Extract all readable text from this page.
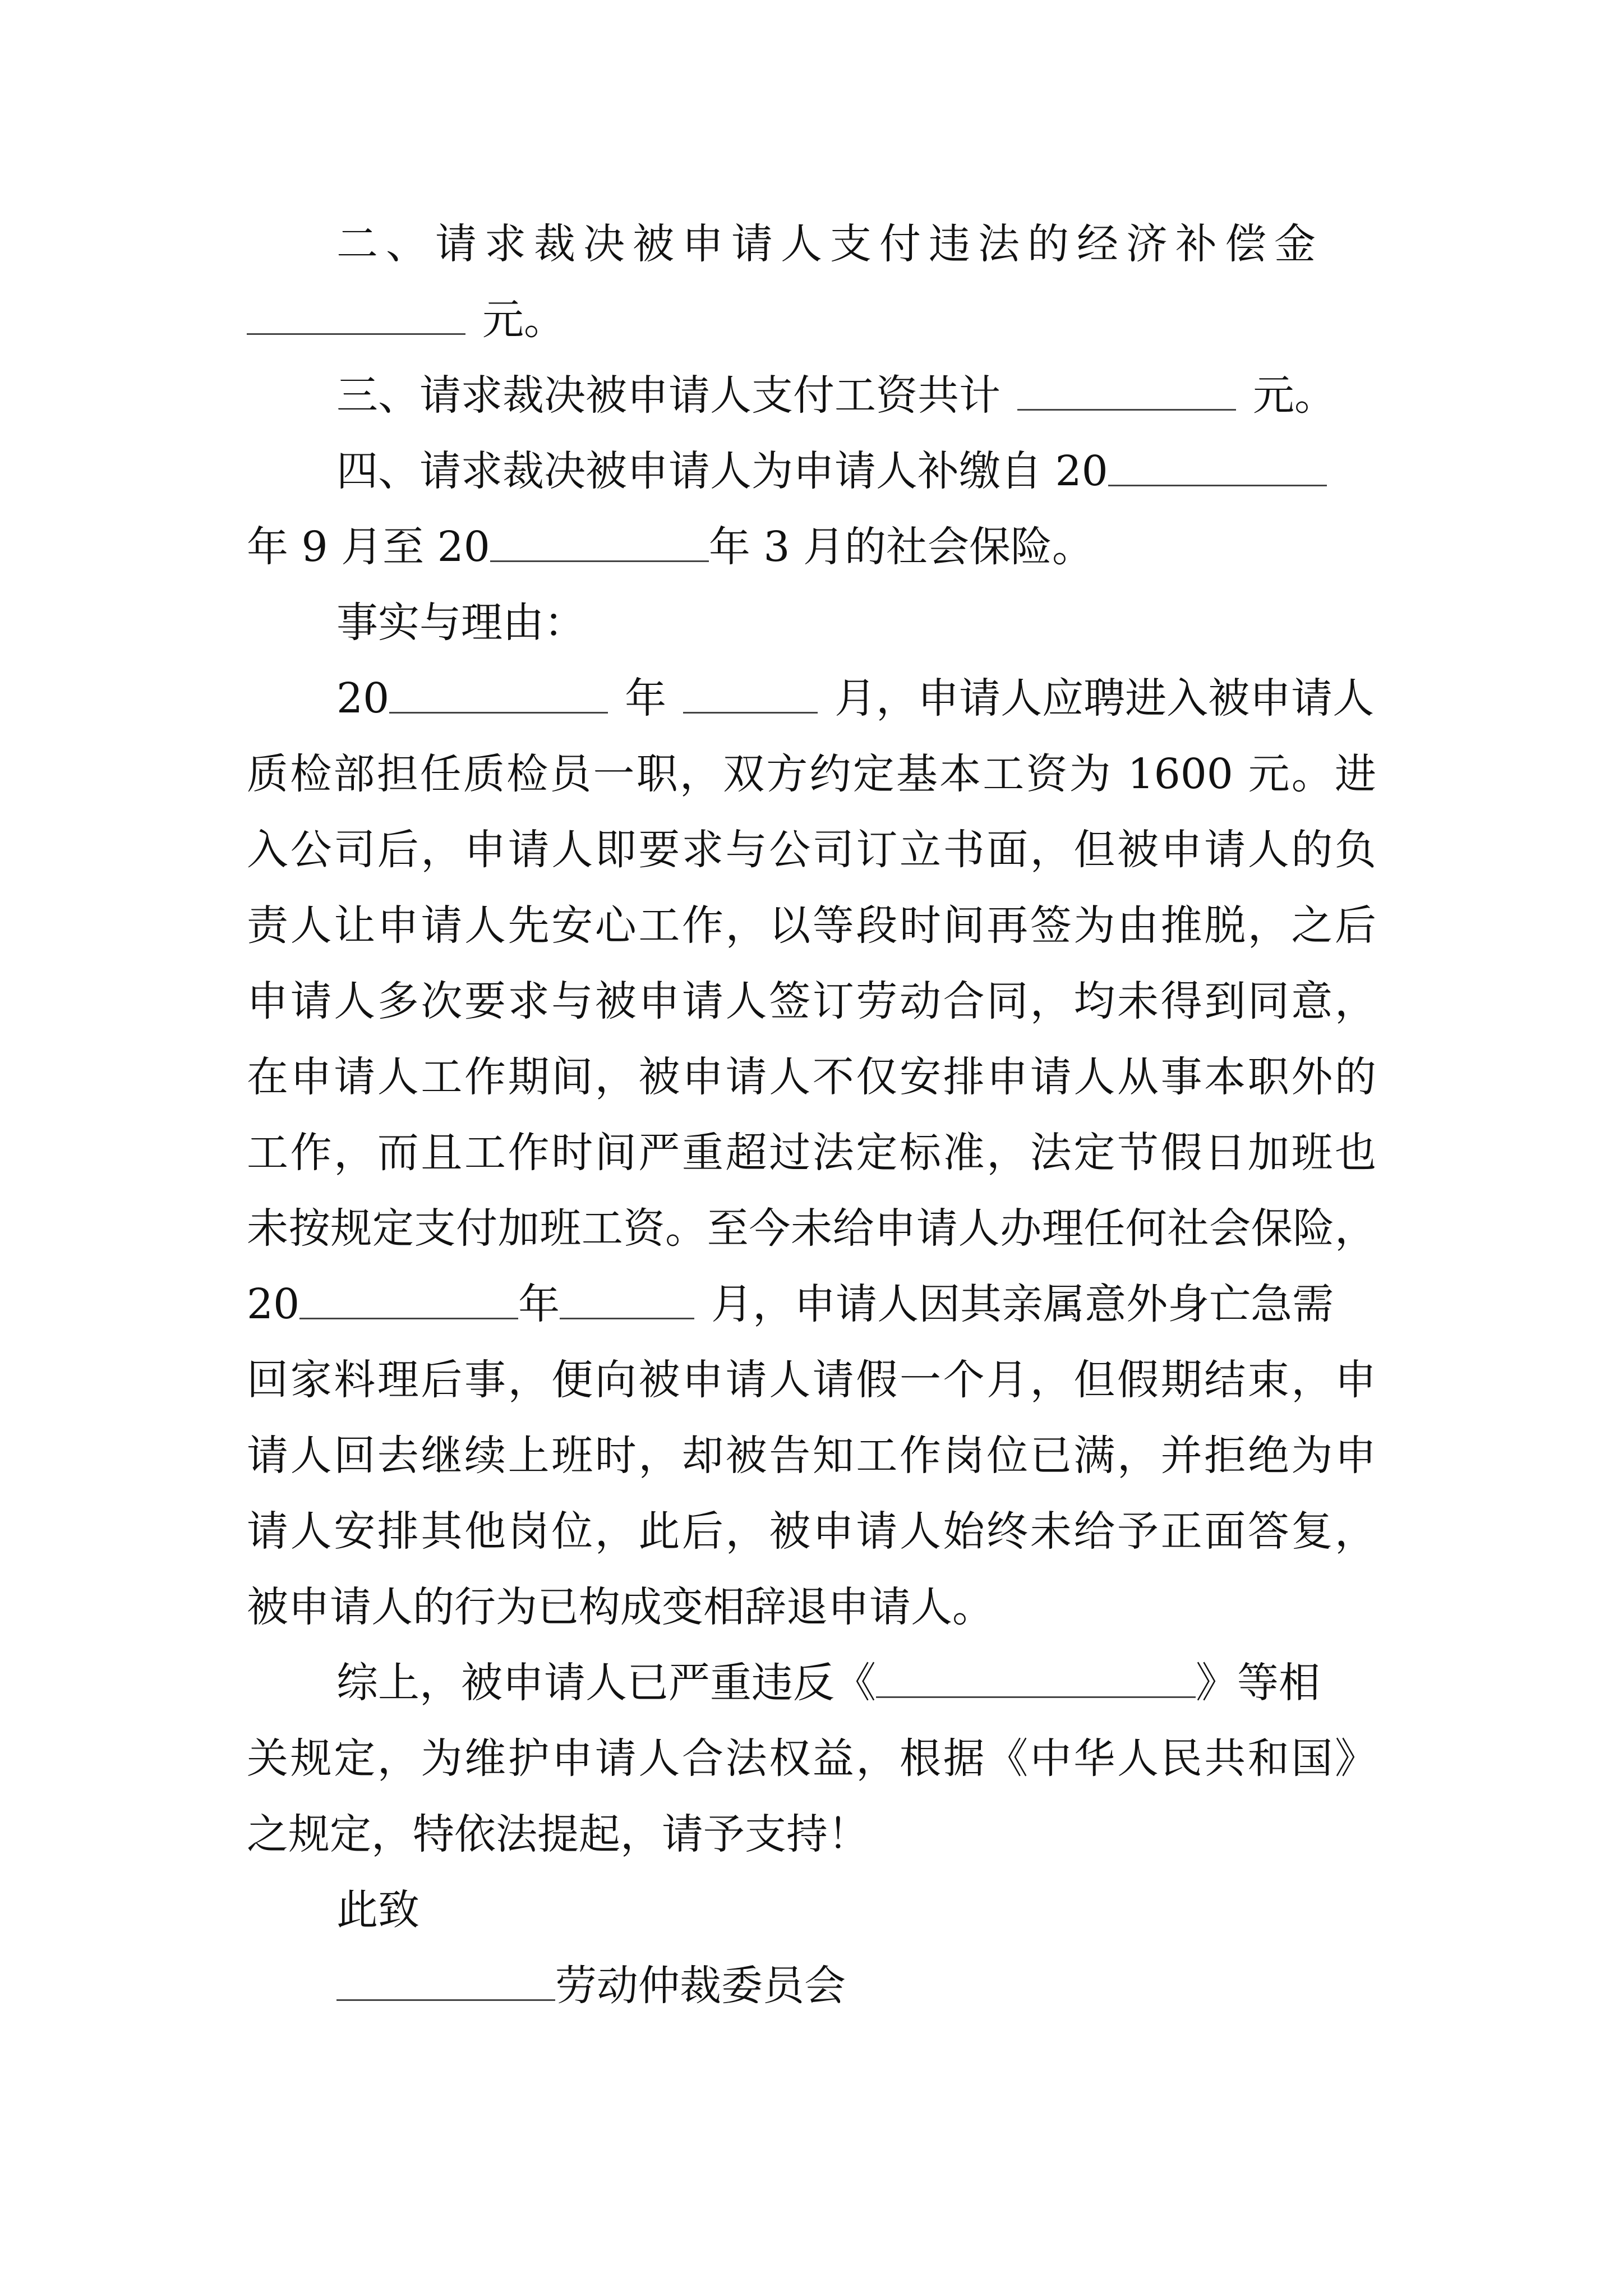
二、请求裁决被申请人支付违法的经济补偿金
元。
三、请求裁决被申请人支付工资共计	元。
四、请求裁决被申请人为申请人补缴自 20
年 9 月至 20	年 3 月的社会保险。
事实与理由：
20	年	月，申请人应聘进入被申请人
质检部担任质检员一职，双方约定基本工资为 1600 元。进
入公司后，申请人即要求与公司订立书面，但被申请人的负
责人让申请人先安心工作，以等段时间再签为由推脱，之后
申请人多次要求与被申请人签订劳动合同，均未得到同意，
在申请人工作期间，被申请人不仅安排申请人从事本职外的
工作，而且工作时间严重超过法定标准，法定节假日加班也
未按规定支付加班工资。至今未给申请人办理任何社会保险，
20	年	月，申请人因其亲属意外身亡急需
回家料理后事，便向被申请人请假一个月，但假期结束，申
请人回去继续上班时，却被告知工作岗位已满，并拒绝为申
请人安排其他岗位，此后，被申请人始终未给予正面答复，
被申请人的行为已构成变相辞退申请人。
综上，被申请人已严重违反《	》等相
关规定，为维护申请人合法权益，根据《中华人民共和国》
之规定，特依法提起，请予支持！
此致
劳动仲裁委员会
